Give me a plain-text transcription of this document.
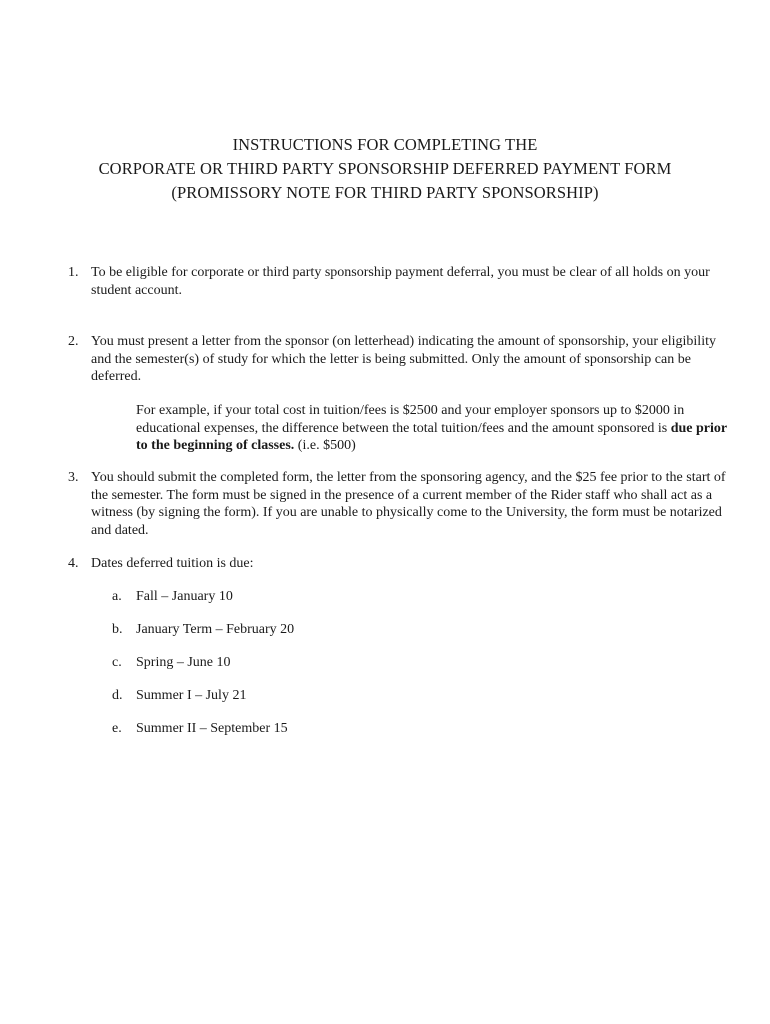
INSTRUCTIONS FOR COMPLETING THE
CORPORATE OR THIRD PARTY SPONSORSHIP DEFERRED PAYMENT FORM
(PROMISSORY NOTE FOR THIRD PARTY SPONSORSHIP)
1. To be eligible for corporate or third party sponsorship payment deferral, you must be clear of all holds on your student account.
2. You must present a letter from the sponsor (on letterhead) indicating the amount of sponsorship, your eligibility and the semester(s) of study for which the letter is being submitted. Only the amount of sponsorship can be deferred.
For example, if your total cost in tuition/fees is $2500 and your employer sponsors up to $2000 in educational expenses, the difference between the total tuition/fees and the amount sponsored is due prior to the beginning of classes. (i.e. $500)
3. You should submit the completed form, the letter from the sponsoring agency, and the $25 fee prior to the start of the semester. The form must be signed in the presence of a current member of the Rider staff who shall act as a witness (by signing the form). If you are unable to physically come to the University, the form must be notarized and dated.
4. Dates deferred tuition is due:
a. Fall – January 10
b. January Term – February 20
c. Spring – June 10
d. Summer I – July 21
e. Summer II – September 15
